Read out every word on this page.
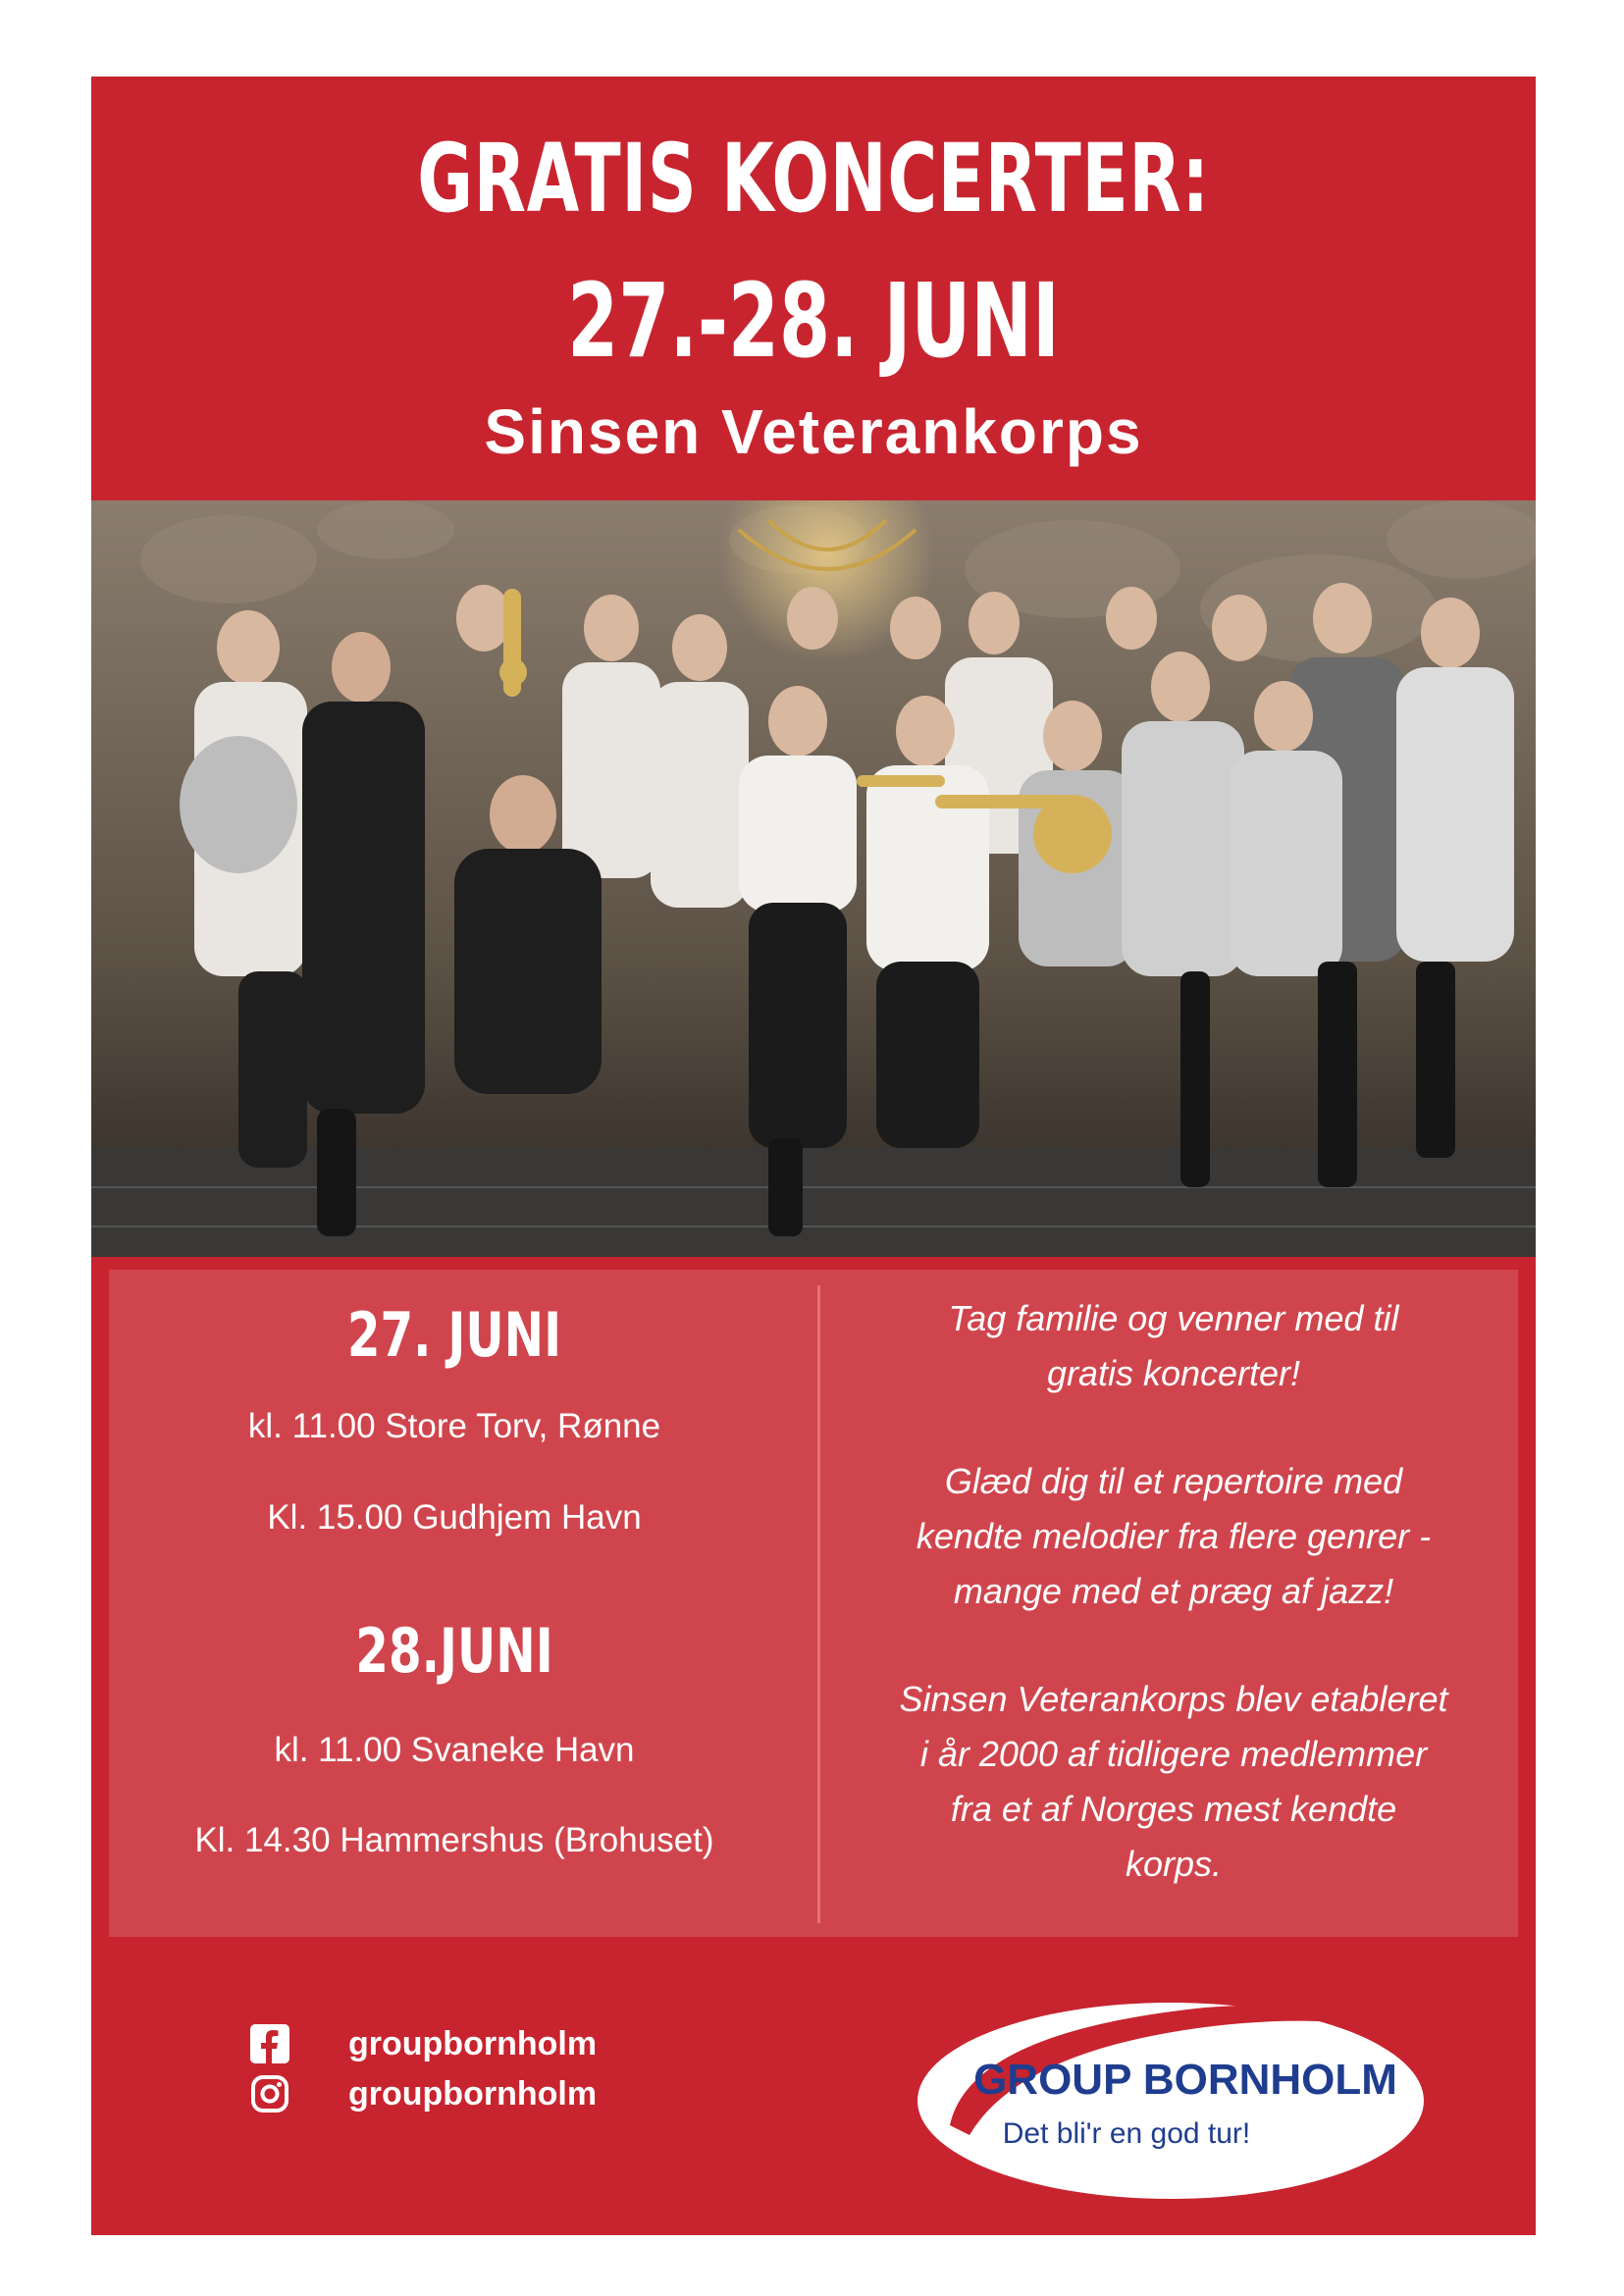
GRATIS KONCERTER:
27.-28. JUNI
Sinsen Veterankorps
27. JUNI
kl. 11.00 Store Torv, Rønne
Kl. 15.00 Gudhjem Havn
28.JUNI
kl. 11.00 Svaneke Havn
Kl. 14.30 Hammershus (Brohuset)
Tag familie og venner med til
gratis koncerter!
Glæd dig til et repertoire med
kendte melodier fra flere genrer -
mange med et præg af jazz!
Sinsen Veterankorps blev etableret
i år 2000 af tidligere medlemmer
fra et af Norges mest kendte
korps.
groupbornholm
groupbornholm	GROUP BORNHOLM
Det bli'r en god tur!
